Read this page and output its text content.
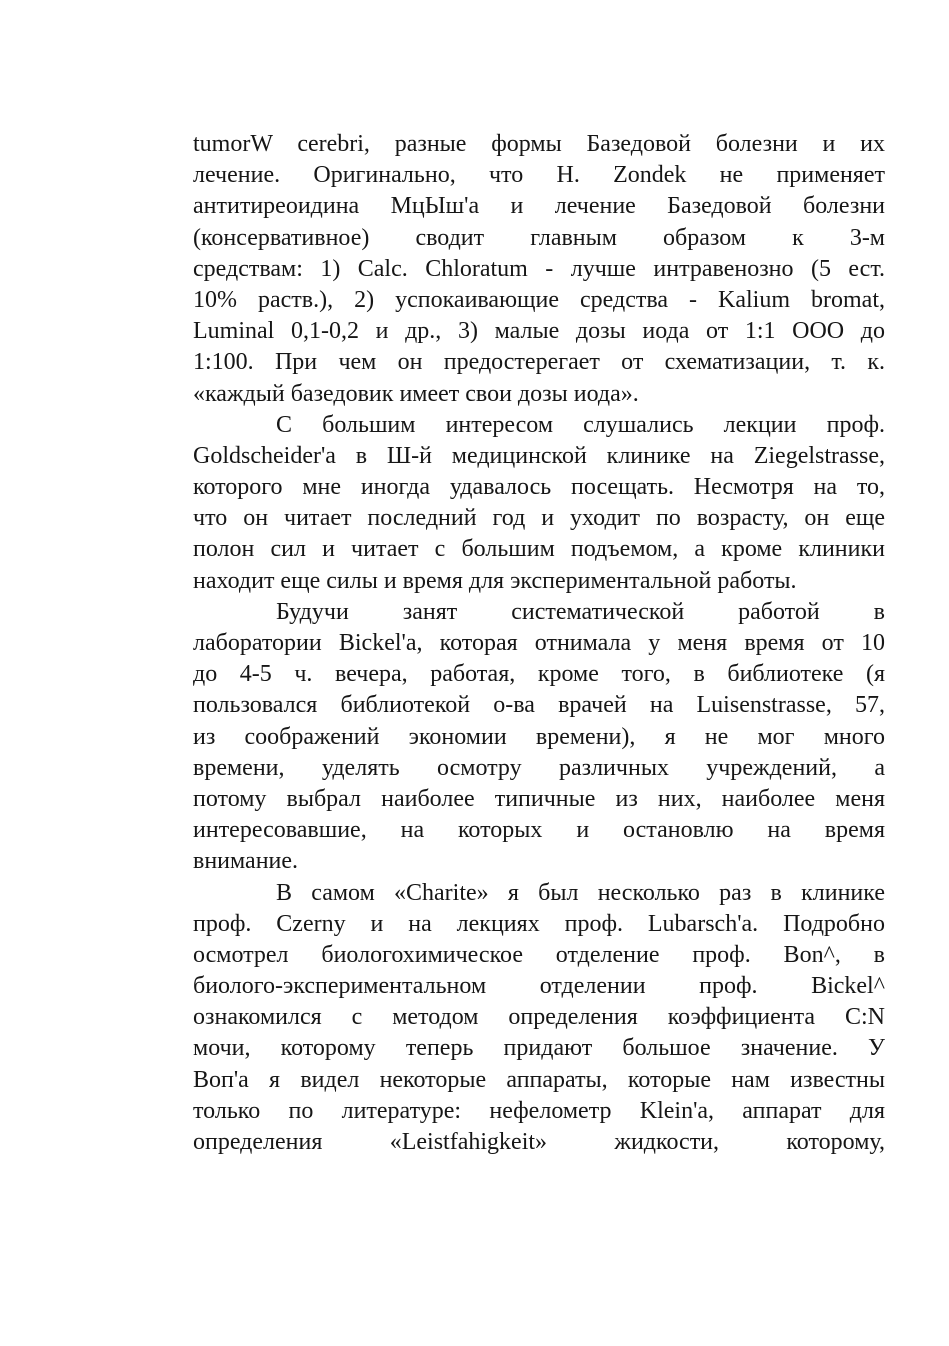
tumorW cerebri, разные формы Базедовой болезни и их
лечение. Оригинально, что H. Zondek не применяет
антитиреоидина МцЫш'а и лечение Базедовой болезни
(консервативное) сводит главным образом к 3-м
средствам: 1) Calc. Chloratum - лучше интравенозно (5 ест.
10% раств.), 2) успокаивающие средства - Kalium bromat,
Luminal 0,1-0,2 и др., 3) малые дозы иода от 1:1 ООО до
1:100. При чем он предостерегает от схематизации, т. к.
«каждый базедовик имеет свои дозы иода».
С большим интересом слушались лекции проф.
Goldscheider'a в Ш-й медицинской клинике на Ziegelstrasse,
которого мне иногда удавалось посещать. Несмотря на то,
что он читает последний год и уходит по возрасту, он еще
полон сил и читает с большим подъемом, а кроме клиники
находит еще силы и время для экспериментальной работы.
Будучи занят систематической работой в
лаборатории Bickel'a, которая отнимала у меня время от 10
до 4-5 ч. вечера, работая, кроме того, в библиотеке (я
пользовался библиотекой о-ва врачей на Luisenstrasse, 57,
из соображений экономии времени), я не мог много
времени, уделять осмотру различных учреждений, а
потому выбрал наиболее типичные из них, наиболее меня
интересовавшие, на которых и остановлю на время
внимание.
В самом «Charite» я был несколько раз в клинике
проф. Czerny и на лекциях проф. Lubarsch'a. Подробно
осмотрел биологохимическое отделение проф. Bon^, в
биолого-экспериментальном отделении проф. Bickel^
ознакомился с методом определения коэффициента C:N
мочи, которому теперь придают большое значение. У
Воп'а я видел некоторые аппараты, которые нам известны
только по литературе: нефелометр Klein'a, аппарат для
определения «Leistfahigkeit» жидкости, которому,
